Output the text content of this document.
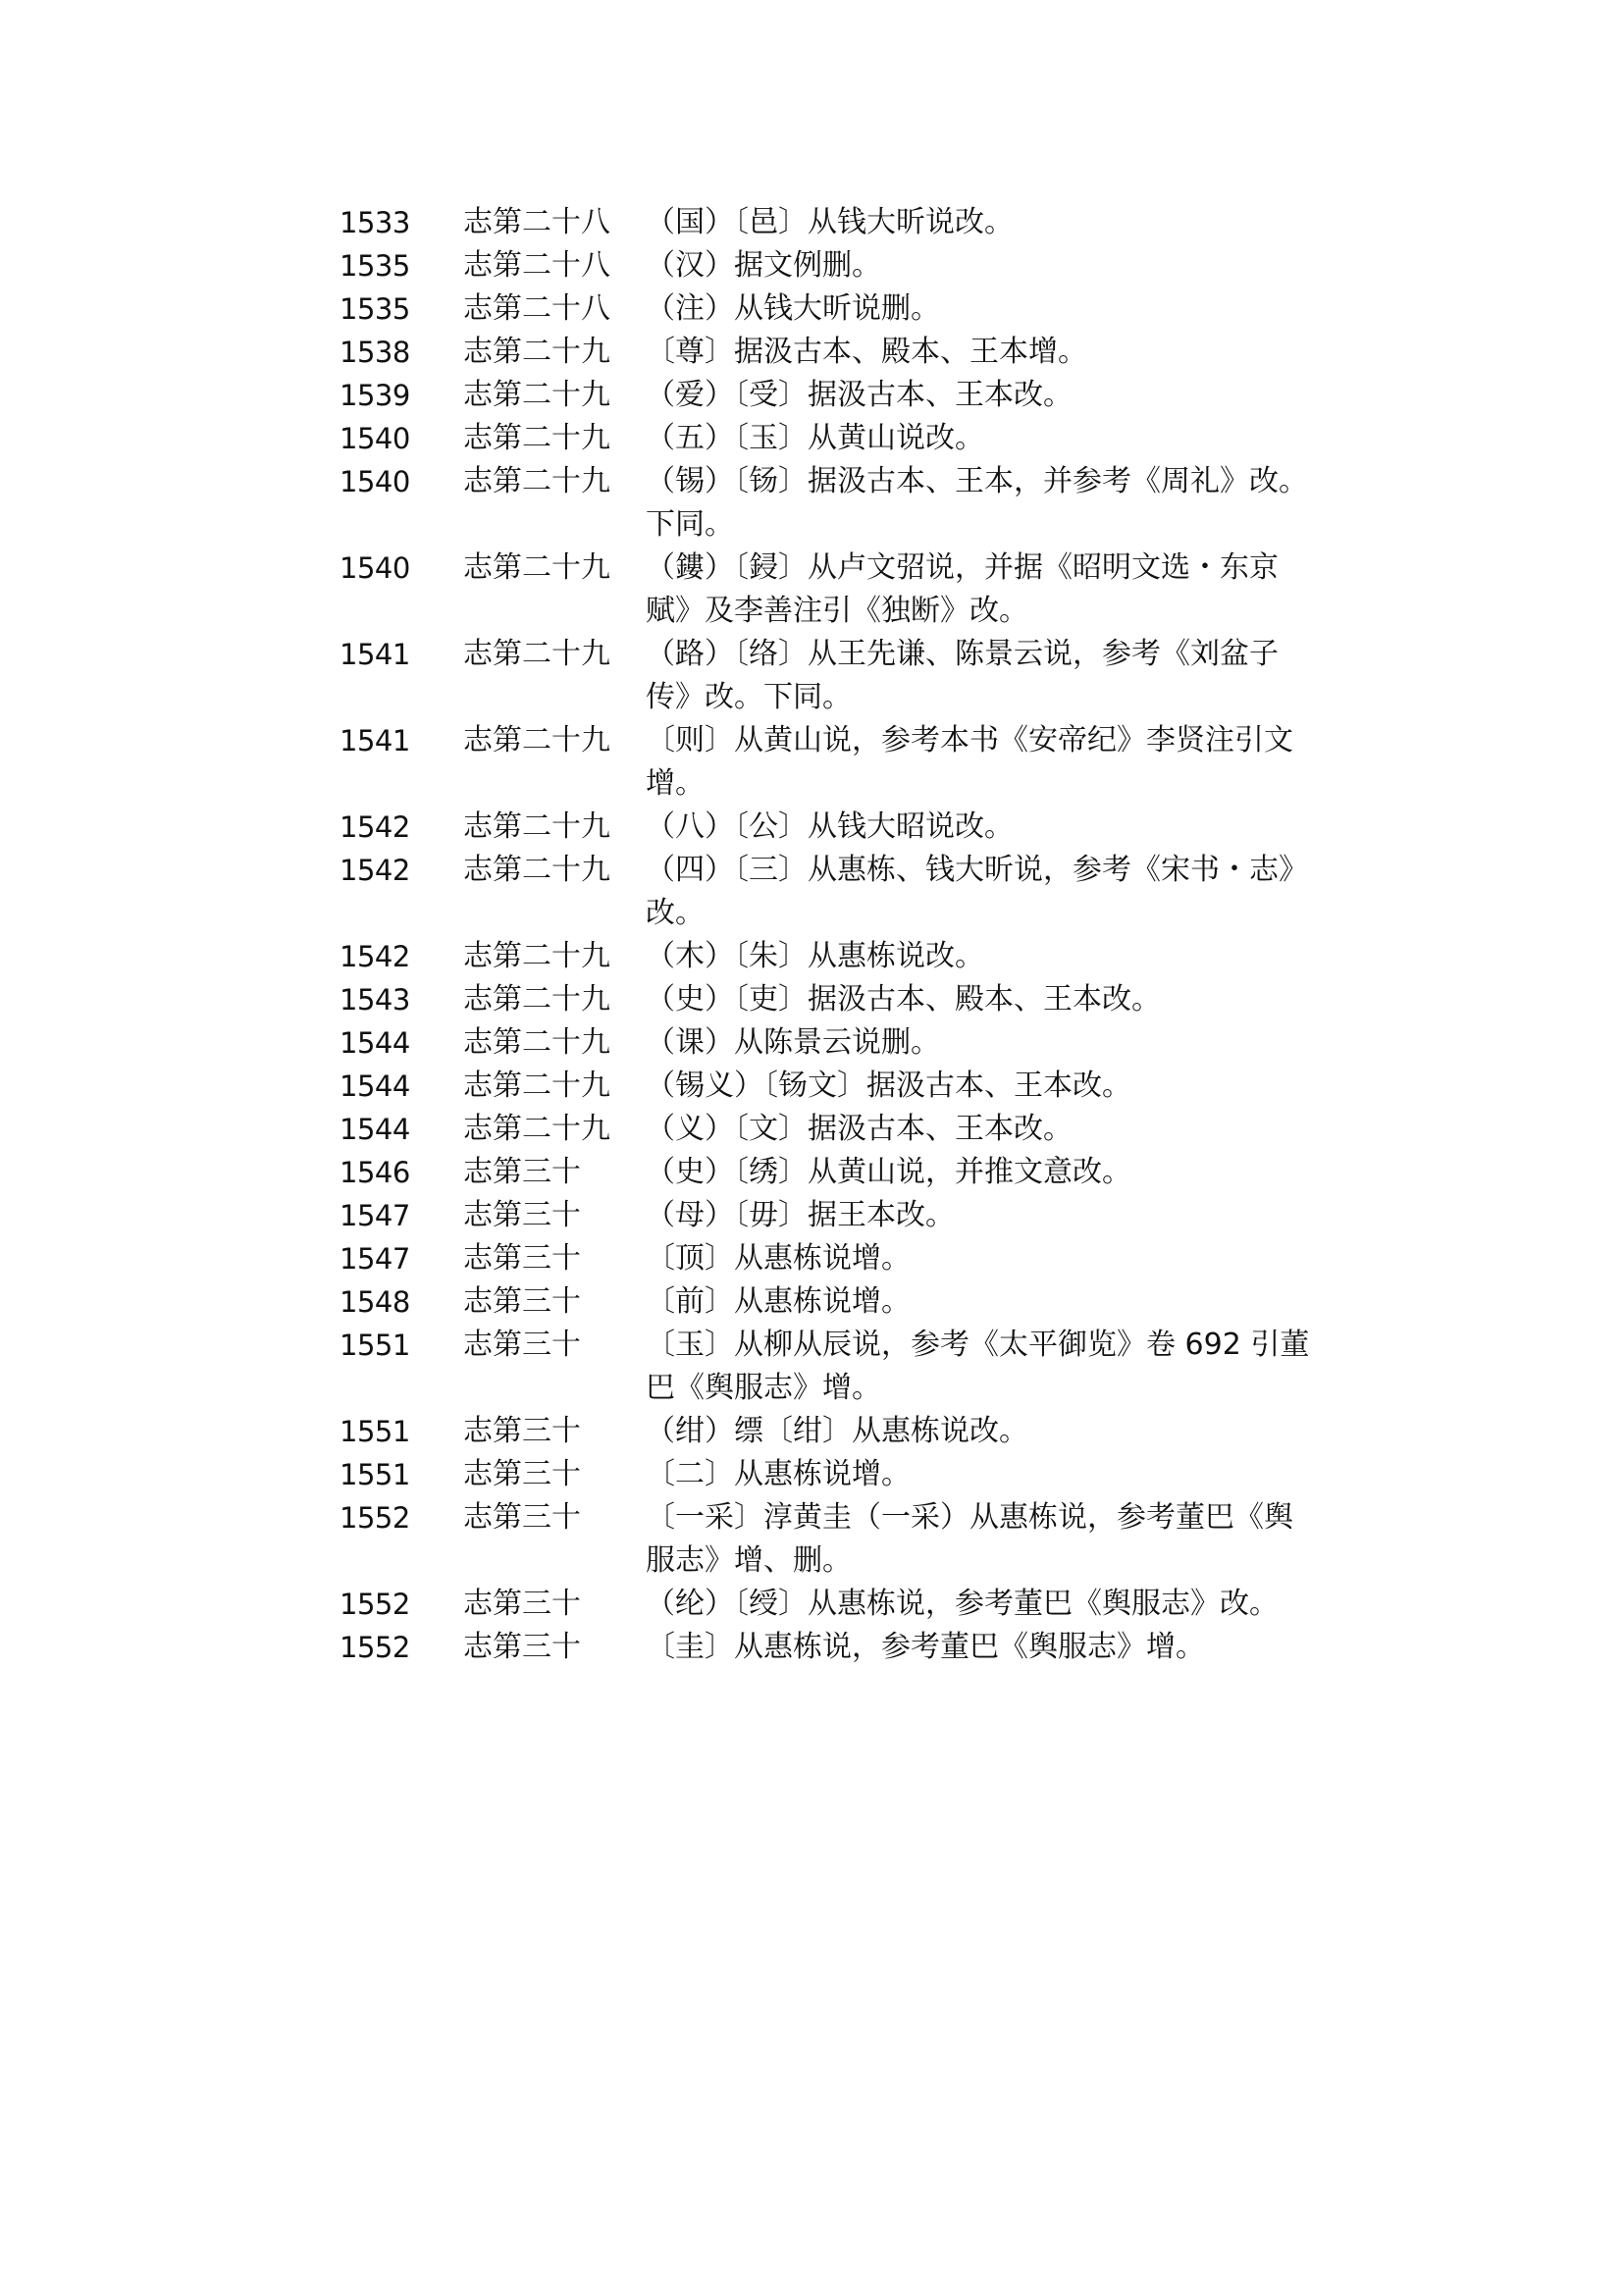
1533	志第二十八	（国）〔邑〕从钱大昕说改。
1535	志第二十八	（汉）据文例删。
1535	志第二十八	（注）从钱大昕说删。
1538	志第二十九	〔尊〕据汲古本、殿本、王本增。
1539	志第二十九	（爱）〔受〕据汲古本、王本改。
1540	志第二十九	（五）〔玉〕从黄山说改。
1540	志第二十九	（锡）〔钖〕据汲古本、王本，并参考《周礼》改。
下同。
1540	志第二十九	（鏤）〔鋟〕从卢文弨说，并据《昭明文选・东京
赋》及李善注引《独断》改。
1541	志第二十九	（路）〔络〕从王先谦、陈景云说，参考《刘盆子
传》改。下同。
1541	志第二十九	〔则〕从黄山说，参考本书《安帝纪》李贤注引文
增。
1542	志第二十九	（八）〔公〕从钱大昭说改。
1542	志第二十九	（四）〔三〕从惠栋、钱大昕说，参考《宋书・志》
改。
1542	志第二十九	（木）〔朱〕从惠栋说改。
1543	志第二十九	（史）〔吏〕据汲古本、殿本、王本改。
1544	志第二十九	（课）从陈景云说删。
1544	志第二十九	（锡义）〔钖文〕据汲古本、王本改。
1544	志第二十九	（义）〔文〕据汲古本、王本改。
1546	志第三十	（史）〔绣〕从黄山说，并推文意改。
1547	志第三十	（母）〔毋〕据王本改。
1547	志第三十	〔顶〕从惠栋说增。
1548	志第三十	〔前〕从惠栋说增。
1551	志第三十	〔玉〕从柳从辰说，参考《太平御览》卷 692 引董
巴《舆服志》增。
1551	志第三十	（绀）缥〔绀〕从惠栋说改。
1551	志第三十	〔二〕从惠栋说增。
1552	志第三十	〔一采〕淳黄圭（一采）从惠栋说，参考董巴《舆
服志》增、删。
1552	志第三十	（纶）〔绶〕从惠栋说，参考董巴《舆服志》改。
1552	志第三十	〔圭〕从惠栋说，参考董巴《舆服志》增。
